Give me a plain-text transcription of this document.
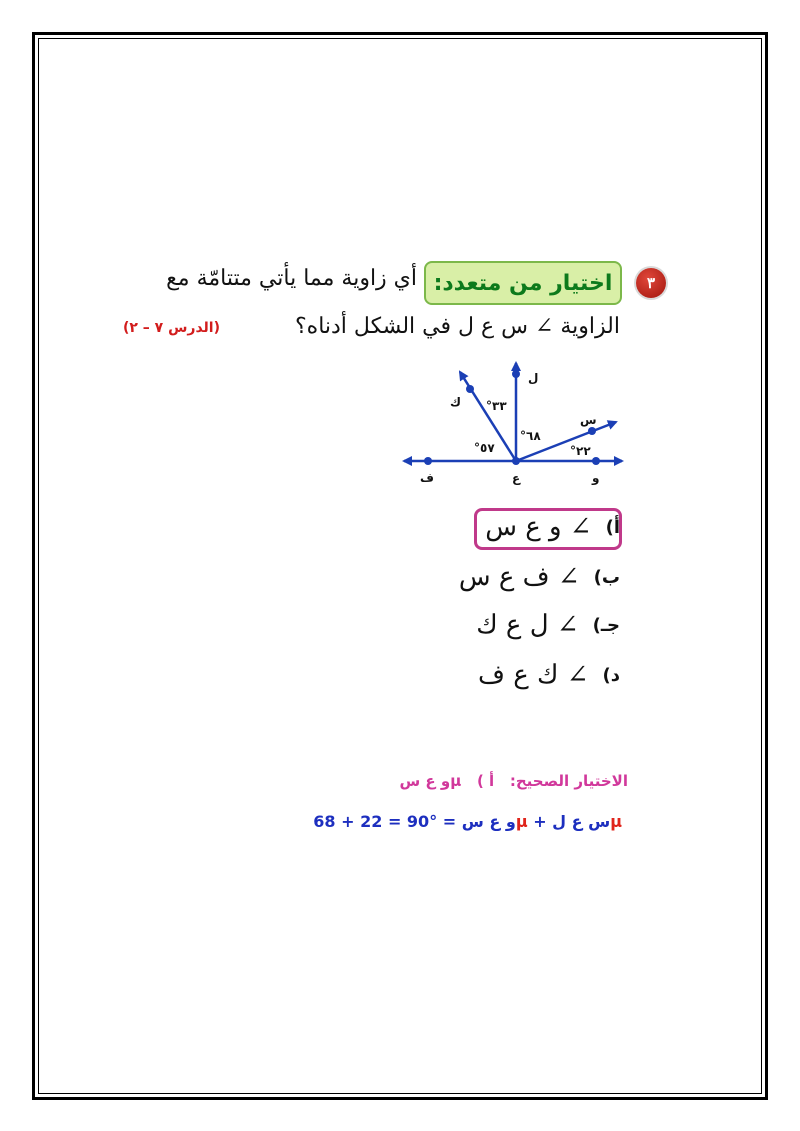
٣
اختيار من متعدد:
أي زاوية مما يأتي متتامّة مع
الزاوية ∠ س ع ل في الشكل أدناه؟
(الدرس ٧ – ٢)
ل
ك
س
ف	ع	و
°٣٣
°٦٨
°٢٢
°٥٧
أ)
∠ و ع س
ب)
∠ ف ع س
جـ)
∠ ل ع ك
د)
∠ ك ع ف
الاختيار الصحيح:   أ )   µو ع س
µس ع ل + µو ع س = 68 + 22 = 90°
